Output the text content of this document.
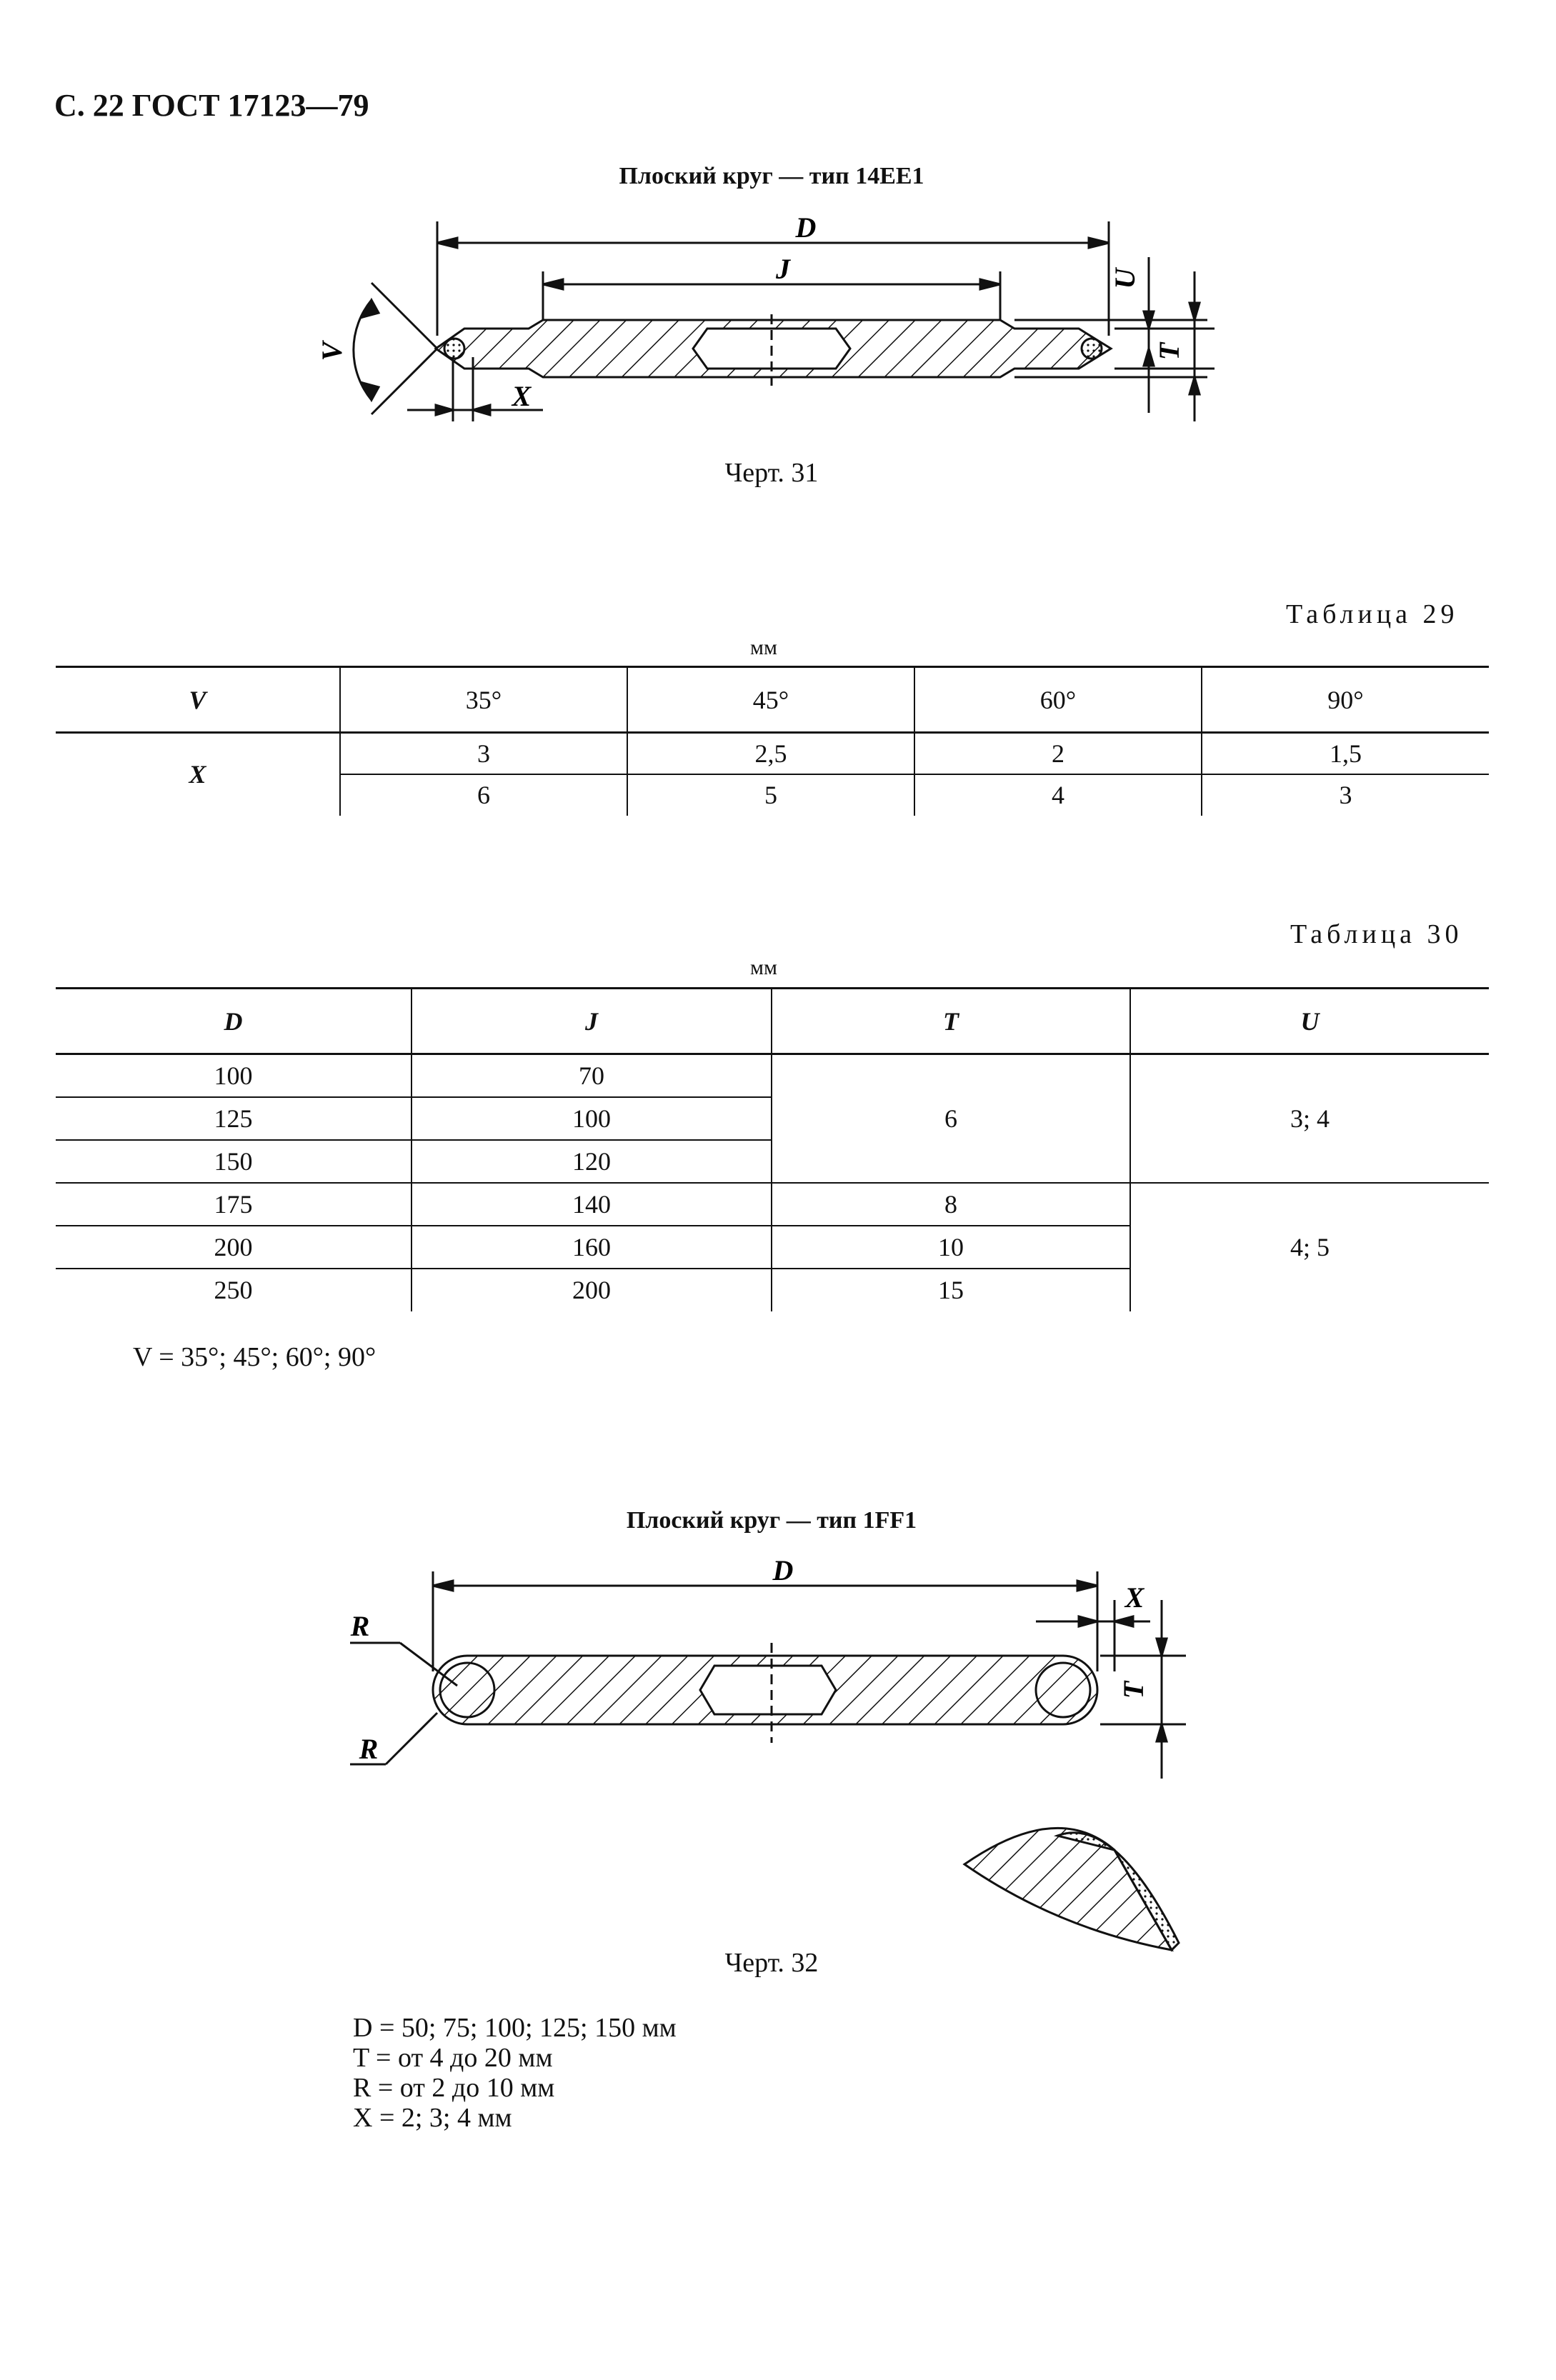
С. 22 ГОСТ 17123—79
Плоский круг — тип 14ЕЕ1
D
J	U
T
V
X
Черт. 31
Таблица 29
мм
V	35°	45°	60°	90°
X	3	2,5	2	1,5
	6	5	4	3
Таблица 30
мм
D	J	T	U
100	70	6	3; 4
125	100		
150	120		
175	140	8	4; 5
200	160	10	
250	200	15	
V = 35°; 45°; 60°; 90°
Плоский круг — тип 1FF1
D
X
T
R
R
Черт. 32
D = 50; 75; 100; 125; 150 мм
T = от 4 до 20 мм
R = от 2 до 10 мм
X = 2; 3; 4 мм
